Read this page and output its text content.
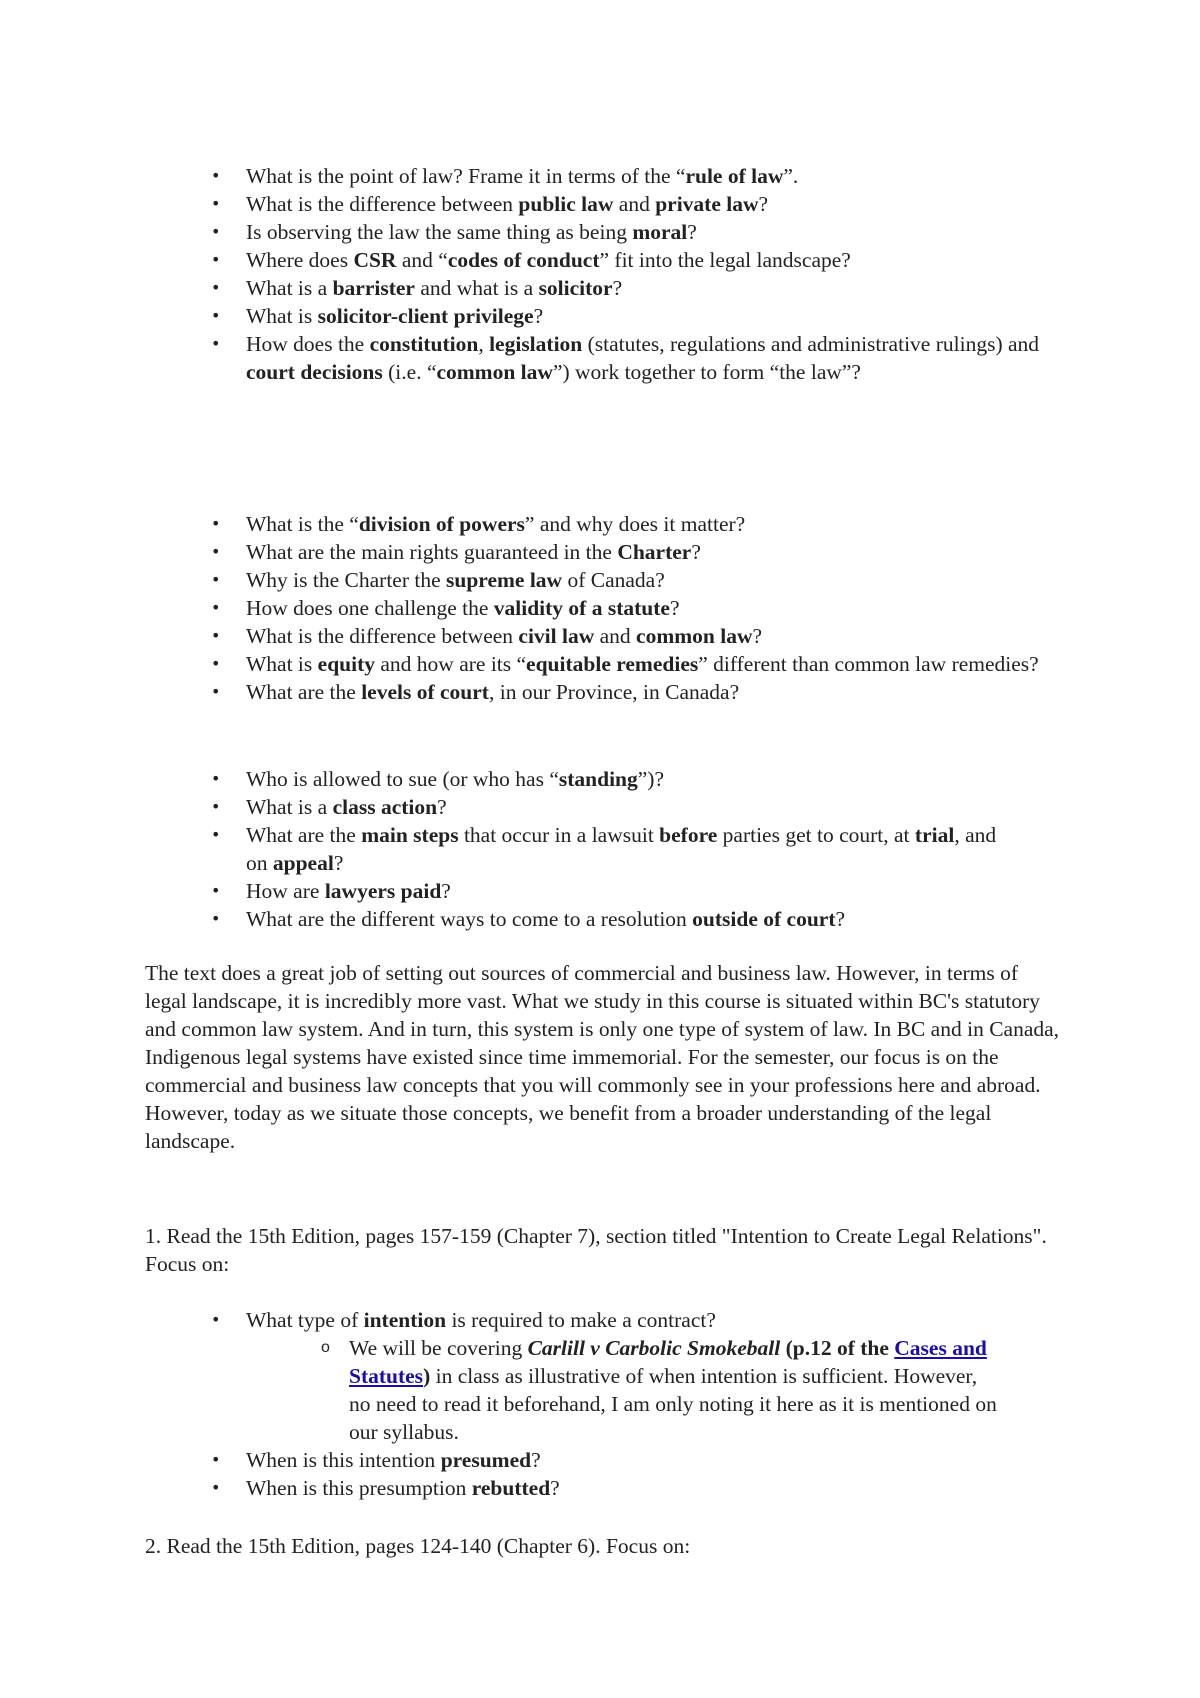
• What is the point of law? Frame it in terms of the “rule of law”.
• What is the difference between public law and private law?
• Is observing the law the same thing as being moral?
• Where does CSR and “codes of conduct” fit into the legal landscape?
• What is a barrister and what is a solicitor?
• What is solicitor-client privilege?
• How does the constitution, legislation (statutes, regulations and administrative rulings) and court decisions (i.e. “common law”) work together to form “the law”?
• What is the “division of powers” and why does it matter?
• What are the main rights guaranteed in the Charter?
• Why is the Charter the supreme law of Canada?
• How does one challenge the validity of a statute?
• What is the difference between civil law and common law?
• What is equity and how are its “equitable remedies” different than common law remedies?
• What are the levels of court, in our Province, in Canada?
• Who is allowed to sue (or who has “standing”)?
• What is a class action?
• What are the main steps that occur in a lawsuit before parties get to court, at trial, and on appeal?
• How are lawyers paid?
• What are the different ways to come to a resolution outside of court?

The text does a great job of setting out sources of commercial and business law. However, in terms of legal landscape, it is incredibly more vast. What we study in this course is situated within BC's statutory and common law system. And in turn, this system is only one type of system of law. In BC and in Canada, Indigenous legal systems have existed since time immemorial. For the semester, our focus is on the commercial and business law concepts that you will commonly see in your professions here and abroad. However, today as we situate those concepts, we benefit from a broader understanding of the legal landscape.

1. Read the 15th Edition, pages 157-159 (Chapter 7), section titled "Intention to Create Legal Relations". Focus on:

• What type of intention is required to make a contract?
o We will be covering Carlill v Carbolic Smokeball (p.12 of the Cases and Statutes) in class as illustrative of when intention is sufficient. However, no need to read it beforehand, I am only noting it here as it is mentioned on our syllabus.
• When is this intention presumed?
• When is this presumption rebutted?

2. Read the 15th Edition, pages 124-140 (Chapter 6). Focus on:
